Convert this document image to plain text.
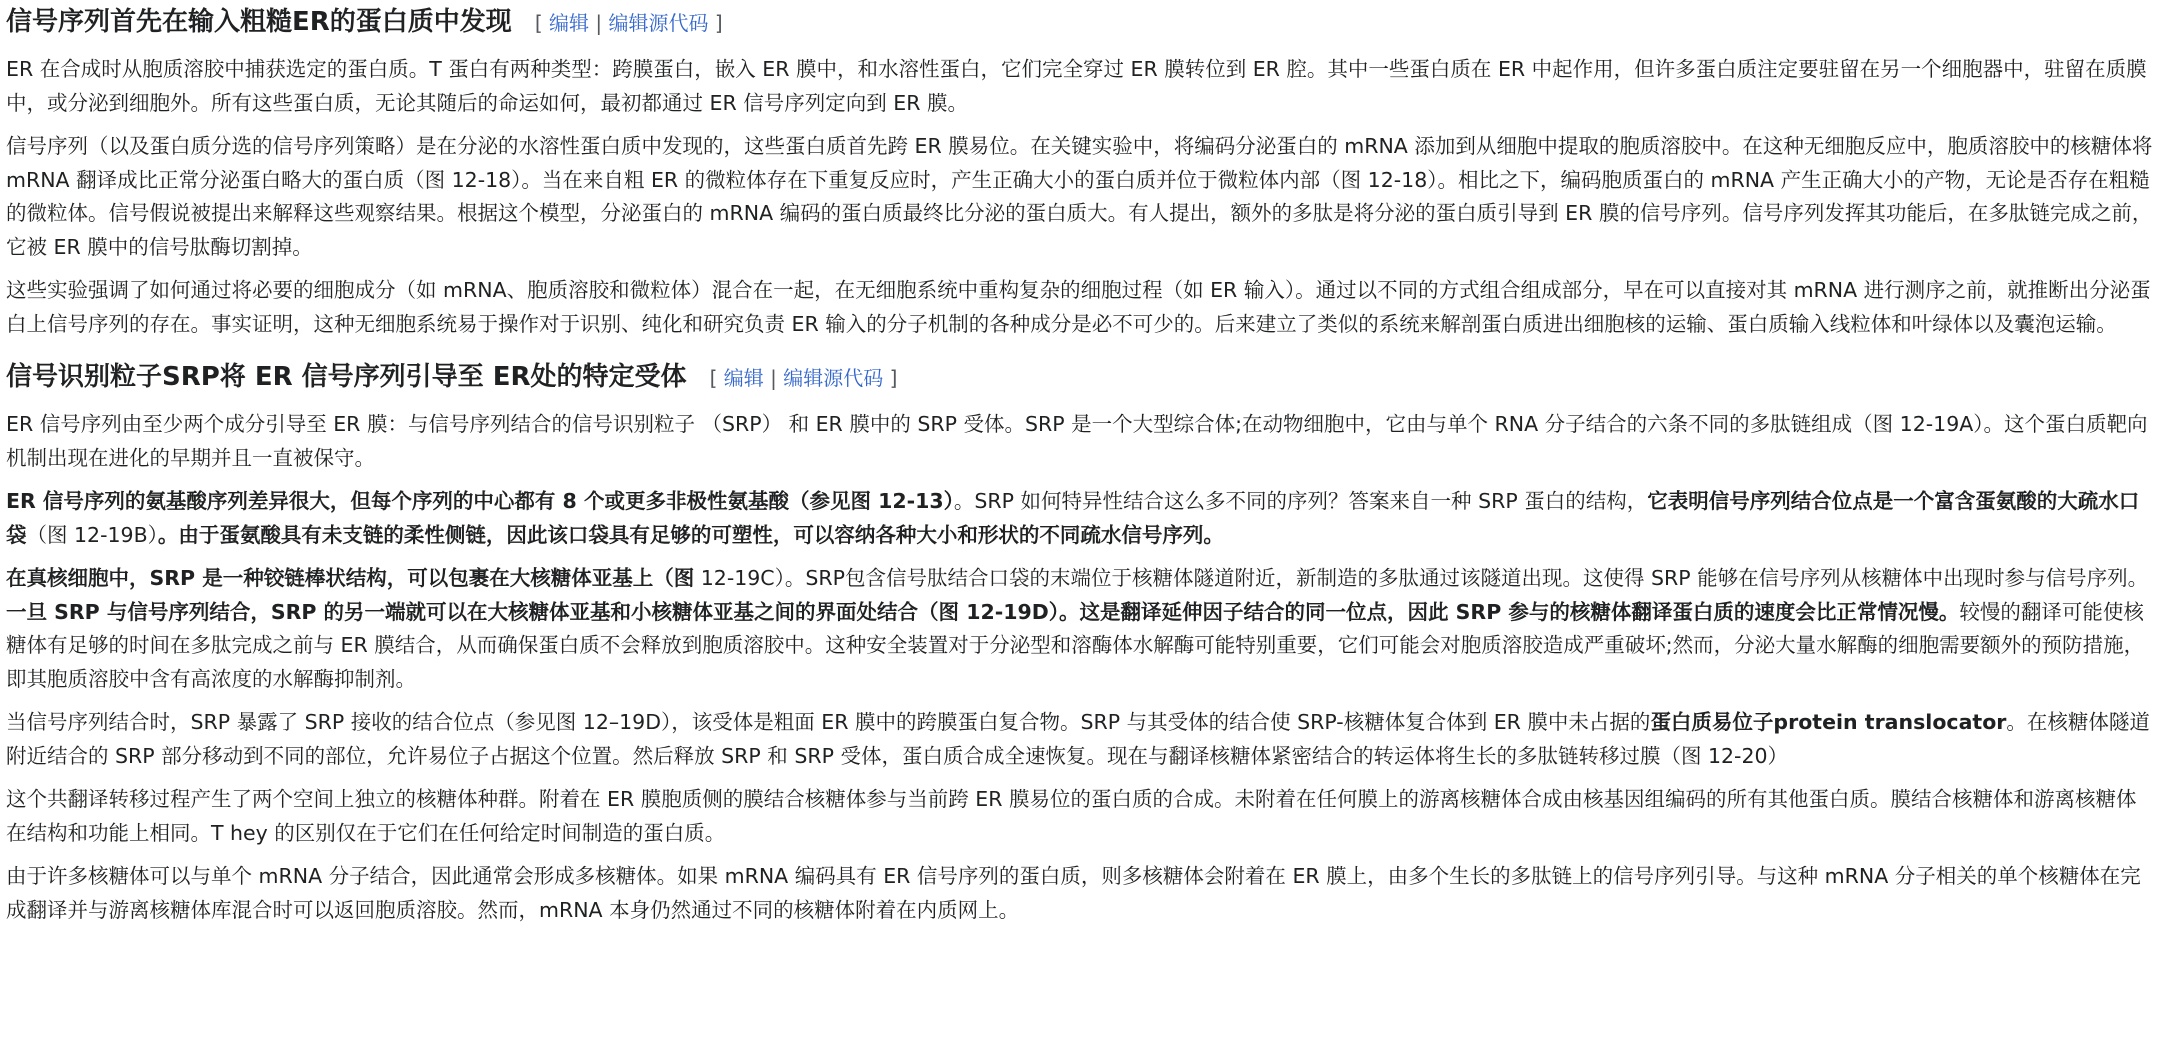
信号序列首先在输入粗糙ER的蛋白质中发现 [ 编辑 | 编辑源代码 ]

ER 在合成时从胞质溶胶中捕获选定的蛋白质。T 蛋白有两种类型：跨膜蛋白，嵌入 ER 膜中，和水溶性蛋白，它们完全穿过 ER 膜转位到 ER 腔。其中一些蛋白质在 ER 中起作用，但许多蛋白质注定要驻留在另一个细胞器中，驻留在质膜中，或分泌到细胞外。所有这些蛋白质，无论其随后的命运如何，最初都通过 ER 信号序列定向到 ER 膜。

信号序列（以及蛋白质分选的信号序列策略）是在分泌的水溶性蛋白质中发现的，这些蛋白质首先跨 ER 膜易位。在关键实验中，将编码分泌蛋白的 mRNA 添加到从细胞中提取的胞质溶胶中。在这种无细胞反应中，胞质溶胶中的核糖体将 mRNA 翻译成比正常分泌蛋白略大的蛋白质（图 12-18）。当在来自粗 ER 的微粒体存在下重复反应时，产生正确大小的蛋白质并位于微粒体内部（图 12-18）。相比之下，编码胞质蛋白的 mRNA 产生正确大小的产物，无论是否存在粗糙的微粒体。信号假说被提出来解释这些观察结果。根据这个模型，分泌蛋白的 mRNA 编码的蛋白质最终比分泌的蛋白质大。有人提出，额外的多肽是将分泌的蛋白质引导到 ER 膜的信号序列。信号序列发挥其功能后，在多肽链完成之前，它被 ER 膜中的信号肽酶切割掉。

这些实验强调了如何通过将必要的细胞成分（如 mRNA、胞质溶胶和微粒体）混合在一起，在无细胞系统中重构复杂的细胞过程（如 ER 输入）。通过以不同的方式组合组成部分，早在可以直接对其 mRNA 进行测序之前，就推断出分泌蛋白上信号序列的存在。事实证明，这种无细胞系统易于操作对于识别、纯化和研究负责 ER 输入的分子机制的各种成分是必不可少的。后来建立了类似的系统来解剖蛋白质进出细胞核的运输、蛋白质输入线粒体和叶绿体以及囊泡运输。

信号识别粒子SRP将 ER 信号序列引导至 ER处的特定受体 [ 编辑 | 编辑源代码 ]

ER 信号序列由至少两个成分引导至 ER 膜：与信号序列结合的信号识别粒子 （SRP） 和 ER 膜中的 SRP 受体。SRP 是一个大型综合体;在动物细胞中，它由与单个 RNA 分子结合的六条不同的多肽链组成（图 12-19A）。这个蛋白质靶向机制出现在进化的早期并且一直被保守。

ER 信号序列的氨基酸序列差异很大，但每个序列的中心都有 8 个或更多非极性氨基酸（参见图 12-13）。SRP 如何特异性结合这么多不同的序列？答案来自一种 SRP 蛋白的结构，它表明信号序列结合位点是一个富含蛋氨酸的大疏水口袋（图 12-19B）。由于蛋氨酸具有未支链的柔性侧链，因此该口袋具有足够的可塑性，可以容纳各种大小和形状的不同疏水信号序列。

在真核细胞中，SRP 是一种铰链棒状结构，可以包裹在大核糖体亚基上（图 12-19C）。SRP包含信号肽结合口袋的末端位于核糖体隧道附近，新制造的多肽通过该隧道出现。这使得 SRP 能够在信号序列从核糖体中出现时参与信号序列。一旦 SRP 与信号序列结合，SRP 的另一端就可以在大核糖体亚基和小核糖体亚基之间的界面处结合（图 12-19D）。这是翻译延伸因子结合的同一位点，因此 SRP 参与的核糖体翻译蛋白质的速度会比正常情况慢。较慢的翻译可能使核糖体有足够的时间在多肽完成之前与 ER 膜结合，从而确保蛋白质不会释放到胞质溶胶中。这种安全装置对于分泌型和溶酶体水解酶可能特别重要，它们可能会对胞质溶胶造成严重破坏;然而，分泌大量水解酶的细胞需要额外的预防措施，即其胞质溶胶中含有高浓度的水解酶抑制剂。

当信号序列结合时，SRP 暴露了 SRP 接收的结合位点（参见图 12–19D），该受体是粗面 ER 膜中的跨膜蛋白复合物。SRP 与其受体的结合使 SRP-核糖体复合体到 ER 膜中未占据的蛋白质易位子protein translocator。在核糖体隧道附近结合的 SRP 部分移动到不同的部位，允许易位子占据这个位置。然后释放 SRP 和 SRP 受体，蛋白质合成全速恢复。现在与翻译核糖体紧密结合的转运体将生长的多肽链转移过膜（图 12-20）

这个共翻译转移过程产生了两个空间上独立的核糖体种群。附着在 ER 膜胞质侧的膜结合核糖体参与当前跨 ER 膜易位的蛋白质的合成。未附着在任何膜上的游离核糖体合成由核基因组编码的所有其他蛋白质。膜结合核糖体和游离核糖体在结构和功能上相同。T hey 的区别仅在于它们在任何给定时间制造的蛋白质。

由于许多核糖体可以与单个 mRNA 分子结合，因此通常会形成多核糖体。如果 mRNA 编码具有 ER 信号序列的蛋白质，则多核糖体会附着在 ER 膜上，由多个生长的多肽链上的信号序列引导。与这种 mRNA 分子相关的单个核糖体在完成翻译并与游离核糖体库混合时可以返回胞质溶胶。然而，mRNA 本身仍然通过不同的核糖体附着在内质网上。
